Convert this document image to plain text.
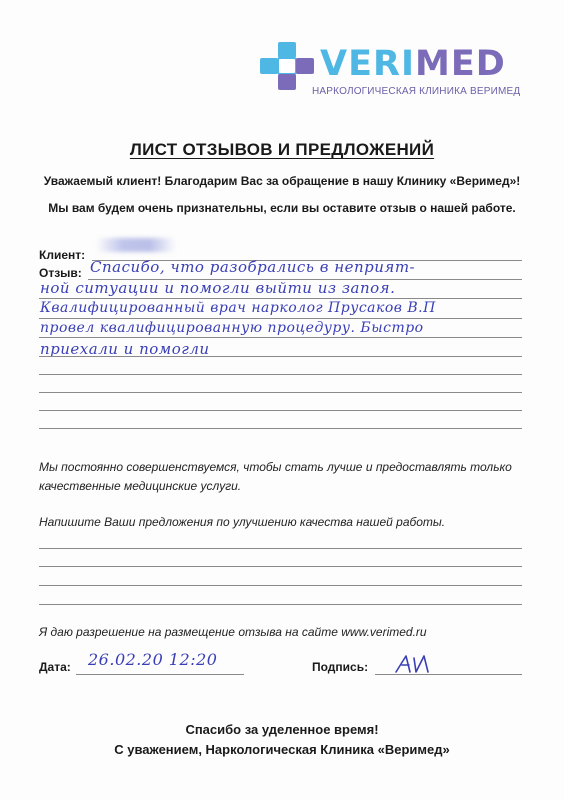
VERIMED
НАРКОЛОГИЧЕСКАЯ КЛИНИКА ВЕРИМЕД
ЛИСТ ОТЗЫВОВ И ПРЕДЛОЖЕНИЙ
Уважаемый клиент! Благодарим Вас за обращение в нашу Клинику «Веримед»!
Мы вам будем очень признательны, если вы оставите отзыв о нашей работе.
Клиент:
Отзыв: Спасибо, что разобрались в неприят-
ной ситуации и помогли выйти из запоя.
Квалифицированный врач нарколог Прусаков В.П
провел квалифицированную процедуру. Быстро
приехали и помогли
Мы постоянно совершенствуемся, чтобы стать лучше и предоставлять только
качественные медицинские услуги.
Напишите Ваши предложения по улучшению качества нашей работы.
Я даю разрешение на размещение отзыва на сайте www.verimed.ru
Дата: 26.02.20 12:20	Подпись:
Спасибо за уделенное время!
С уважением, Наркологическая Клиника «Веримед»
